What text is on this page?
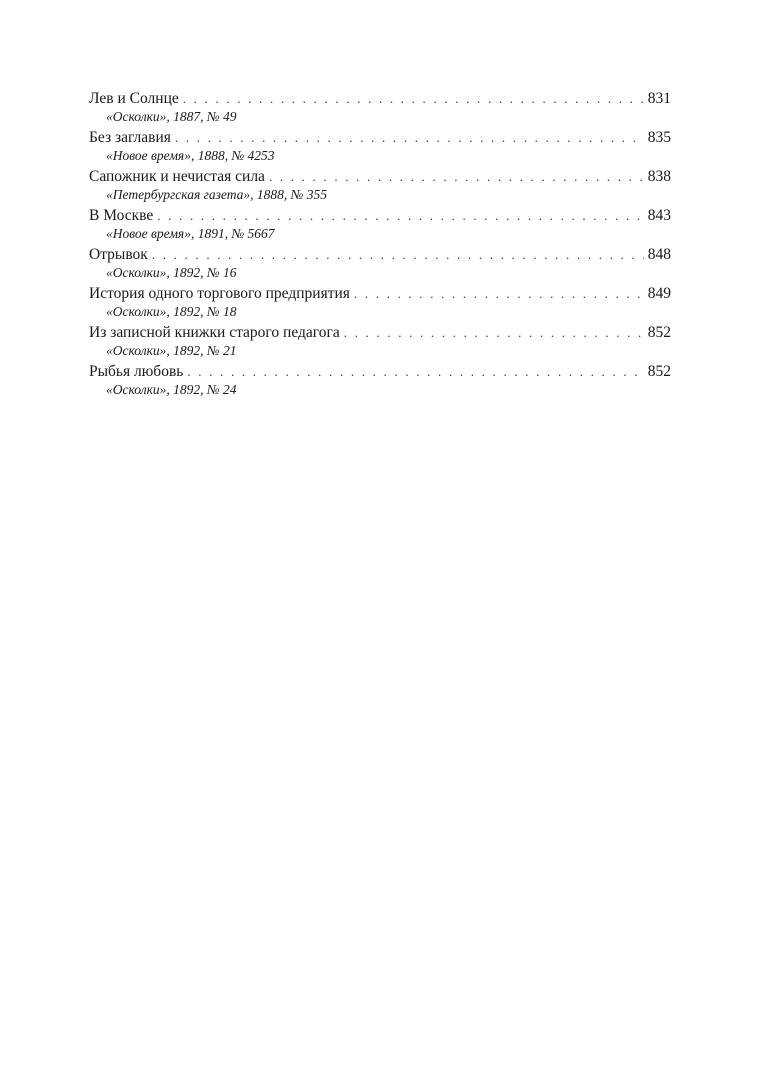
Лев и Солнце . . .	831
«Осколки», 1887, № 49
Без заглавия . . .	835
«Новое время», 1888, № 4253
Сапожник и нечистая сила . . .	838
«Петербургская газета», 1888, № 355
В Москве . . .	843
«Новое время», 1891, № 5667
Отрывок . . .	848
«Осколки», 1892, № 16
История одного торгового предприятия . . .	849
«Осколки», 1892, № 18
Из записной книжки старого педагога . . .	852
«Осколки», 1892, № 21
Рыбья любовь . . .	852
«Осколки», 1892, № 24
